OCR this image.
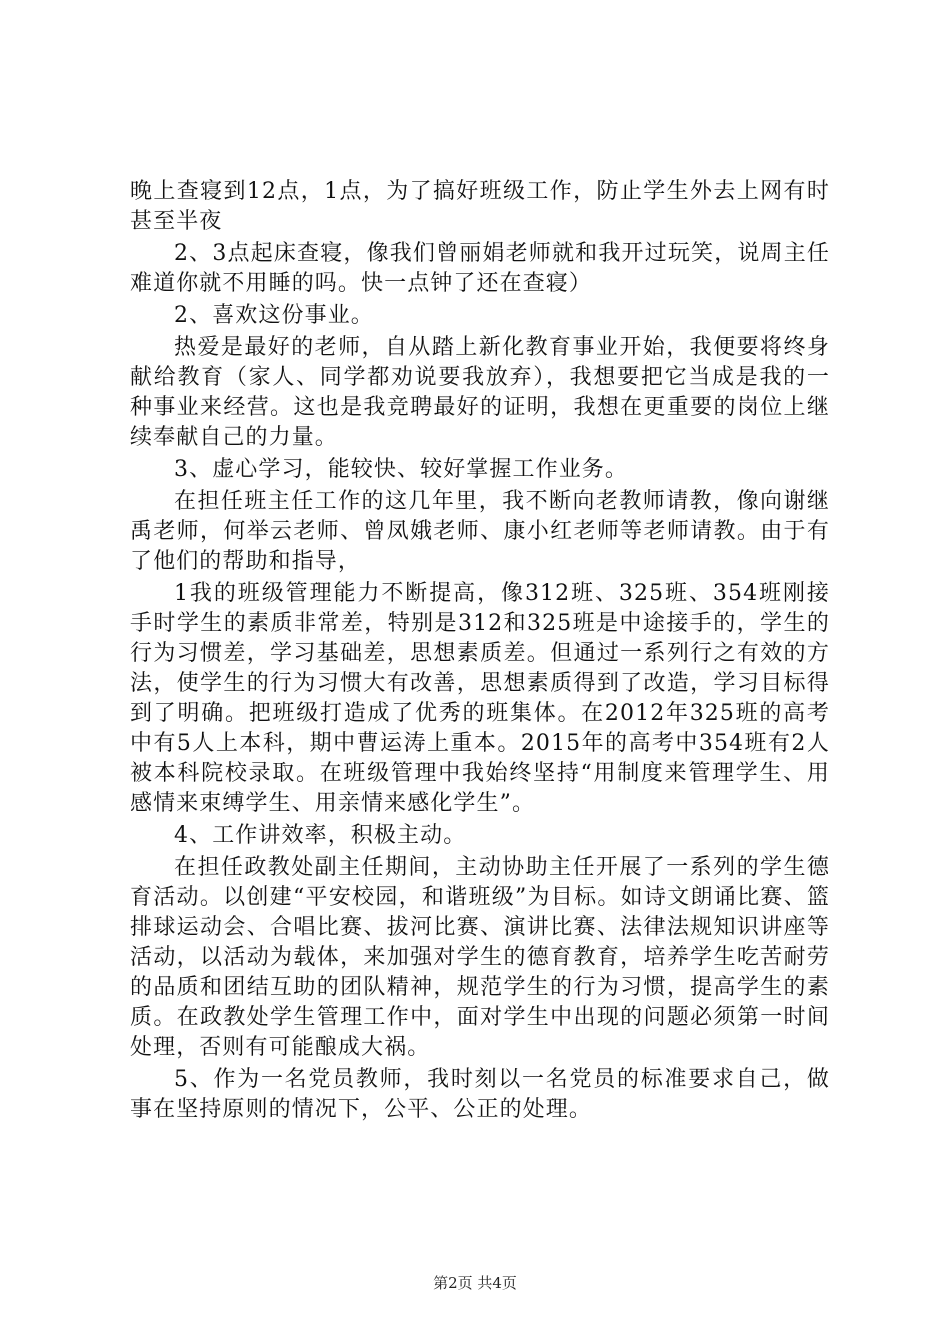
晚上查寝到12点，1点，为了搞好班级工作，防止学生外去上网有时甚至半夜

2、3点起床查寝，像我们曾丽娟老师就和我开过玩笑，说周主任难道你就不用睡的吗。快一点钟了还在查寝）

2、喜欢这份事业。

热爱是最好的老师，自从踏上新化教育事业开始，我便要将终身献给教育（家人、同学都劝说要我放弃），我想要把它当成是我的一种事业来经营。这也是我竞聘最好的证明，我想在更重要的岗位上继续奉献自己的力量。

3、虚心学习，能较快、较好掌握工作业务。

在担任班主任工作的这几年里，我不断向老教师请教，像向谢继禹老师，何举云老师、曾凤娥老师、康小红老师等老师请教。由于有了他们的帮助和指导，

1我的班级管理能力不断提高，像312班、325班、354班刚接手时学生的素质非常差，特别是312和325班是中途接手的，学生的行为习惯差，学习基础差，思想素质差。但通过一系列行之有效的方法，使学生的行为习惯大有改善，思想素质得到了改造，学习目标得到了明确。把班级打造成了优秀的班集体。在2012年325班的高考中有5人上本科，期中曹运涛上重本。2015年的高考中354班有2人被本科院校录取。在班级管理中我始终坚持“用制度来管理学生、用感情来束缚学生、用亲情来感化学生”。

4、工作讲效率，积极主动。

在担任政教处副主任期间，主动协助主任开展了一系列的学生德育活动。以创建“平安校园，和谐班级”为目标。如诗文朗诵比赛、篮排球运动会、合唱比赛、拔河比赛、演讲比赛、法律法规知识讲座等活动，以活动为载体，来加强对学生的德育教育，培养学生吃苦耐劳的品质和团结互助的团队精神，规范学生的行为习惯，提高学生的素质。在政教处学生管理工作中，面对学生中出现的问题必须第一时间处理，否则有可能酿成大祸。

5、作为一名党员教师，我时刻以一名党员的标准要求自己，做事在坚持原则的情况下，公平、公正的处理。

第2页 共4页
